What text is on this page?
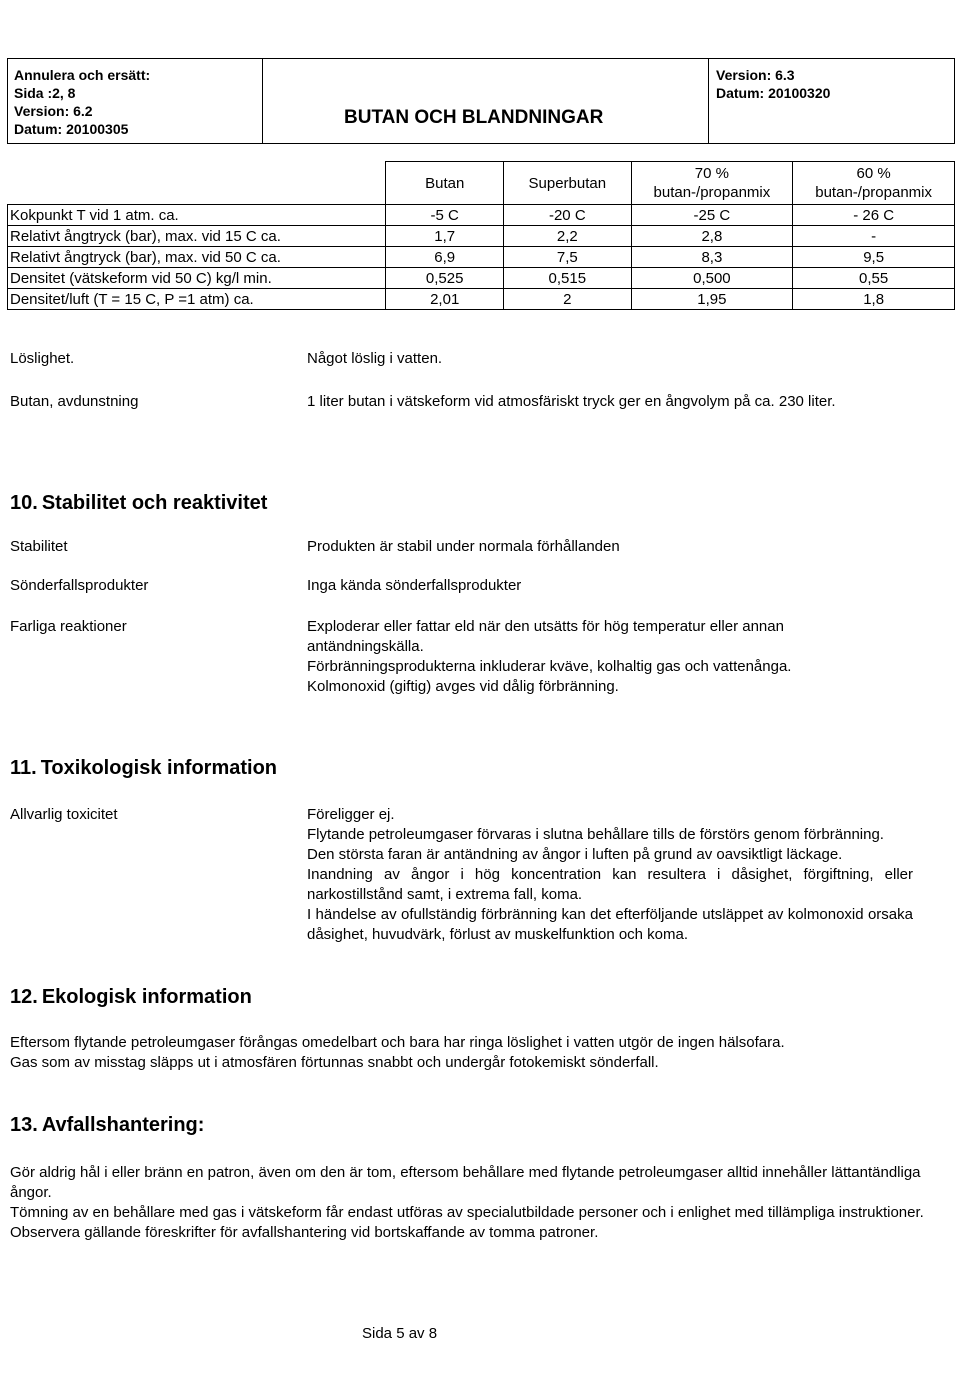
Annulera och ersätt:
Sida :2, 8
Version: 6.2
Datum: 20100305
BUTAN OCH BLANDNINGAR
Version: 6.3
Datum: 20100320
	Butan	Superbutan	70 % butan-/propanmix	60 % butan-/propanmix
Kokpunkt T vid 1 atm. ca.	-5 C	-20 C	-25 C	- 26 C
Relativt ångtryck (bar), max. vid 15 C ca.	1,7	2,2	2,8	-
Relativt ångtryck (bar), max. vid 50 C ca.	6,9	7,5	8,3	9,5
Densitet (vätskeform vid 50 C) kg/l min.	0,525	0,515	0,500	0,55
Densitet/luft (T = 15 C, P =1 atm) ca.	2,01	2	1,95	1,8
Löslighet.	Något löslig i vatten.
Butan, avdunstning	1 liter butan i vätskeform vid atmosfäriskt tryck ger en ångvolym på ca. 230 liter.
10. Stabilitet och reaktivitet
Stabilitet	Produkten är stabil under normala förhållanden
Sönderfallsprodukter	Inga kända sönderfallsprodukter
Farliga reaktioner	Exploderar eller fattar eld när den utsätts för hög temperatur eller annan antändningskälla.
Förbränningsprodukterna inkluderar kväve, kolhaltig gas och vattenånga.
Kolmonoxid (giftig) avges vid dålig förbränning.
11. Toxikologisk information
Allvarlig toxicitet	Föreligger ej.
Flytande petroleumgaser förvaras i slutna behållare tills de förstörs genom förbränning.
Den största faran är antändning av ångor i luften på grund av oavsiktligt läckage.
Inandning av ångor i hög koncentration kan resultera i dåsighet, förgiftning, eller narkostillstånd samt, i extrema fall, koma.
I händelse av ofullständig förbränning kan det efterföljande utsläppet av kolmonoxid orsaka dåsighet, huvudvärk, förlust av muskelfunktion och koma.
12. Ekologisk information
Eftersom flytande petroleumgaser förångas omedelbart och bara har ringa löslighet i vatten utgör de ingen hälsofara.
Gas som av misstag släpps ut i atmosfären förtunnas snabbt och undergår fotokemiskt sönderfall.
13. Avfallshantering:
Gör aldrig hål i eller bränn en patron, även om den är tom, eftersom behållare med flytande petroleumgaser alltid innehåller lättantändliga ångor.
Tömning av en behållare med gas i vätskeform får endast utföras av specialutbildade personer och i enlighet med tillämpliga instruktioner.
Observera gällande föreskrifter för avfallshantering vid bortskaffande av tomma patroner.
Sida 5 av 8
